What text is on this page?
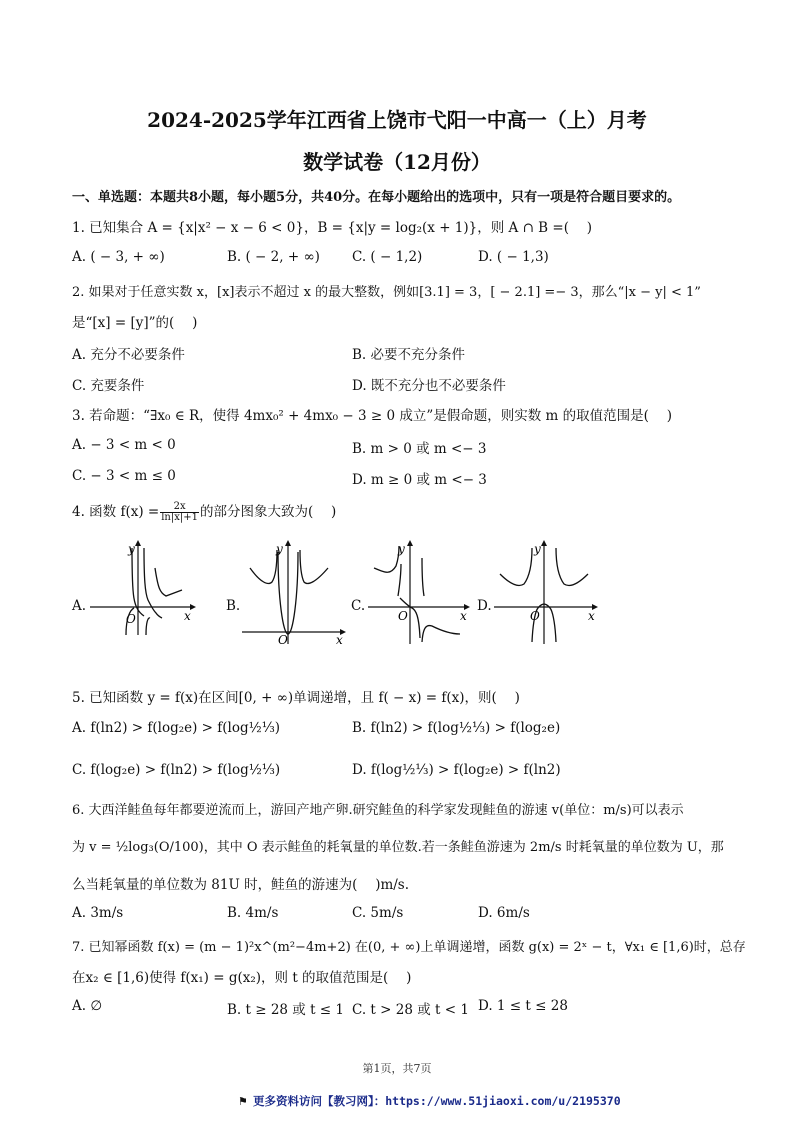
2024-2025学年江西省上饶市弋阳一中高一（上）月考
数学试卷（12月份）
一、单选题：本题共8小题，每小题5分，共40分。在每小题给出的选项中，只有一项是符合题目要求的。
1. 已知集合 A = {x|x² − x − 6 < 0}，B = {x|y = log₂(x + 1)}，则 A ∩ B =(　 )
A. ( − 3, + ∞)	B. ( − 2, + ∞) C. ( − 1,2)	D. ( − 1,3)
2. 如果对于任意实数 x，[x]表示不超过 x 的最大整数，例如[3.1] = 3，[ − 2.1] =− 3，那么“|x − y| < 1”
是“[x] = [y]”的(　 )
A. 充分不必要条件	B. 必要不充分条件
C. 充要条件	D. 既不充分也不必要条件
3. 若命题：“∃x₀ ∈ R，使得 4mx₀² + 4mx₀ − 3 ≥ 0 成立”是假命题，则实数 m 的取值范围是(　 )
A. − 3 < m < 0	B. m > 0 或 m <− 3
C. − 3 < m ≤ 0	D. m ≥ 0 或 m <− 3
4. 函数 $f(x) = \frac{2x}{\ln|x|+1}$ 的部分图象大致为(　 )
A.	B.	C.	D.
y
x
O
y
x
O
y
x
O
y
x
O
5. 已知函数 y = f(x)在区间[0, + ∞)单调递增，且 f( − x) = f(x)，则(　 )
A. f(ln2) > f(log₂e) > f(log½⅓)	B. f(ln2) > f(log½⅓) > f(log₂e)
C. f(log₂e) > f(ln2) > f(log½⅓)	D. f(log½⅓) > f(log₂e) > f(ln2)
6. 大西洋鲑鱼每年都要逆流而上，游回产地产卵.研究鲑鱼的科学家发现鲑鱼的游速 v(单位：m/s)可以表示
为 v = ½log₃(O/100)，其中 O 表示鲑鱼的耗氧量的单位数.若一条鲑鱼游速为 2m/s 时耗氧量的单位数为 U，那
么当耗氧量的单位数为 81U 时，鲑鱼的游速为(　 )m/s.
A. 3m/s	B. 4m/s	C. 5m/s	D. 6m/s
7. 已知幂函数 f(x) = (m − 1)²x^(m²−4m+2) 在(0, + ∞)上单调递增，函数 g(x) = 2ˣ − t，∀x₁ ∈ [1,6)时，总存
在x₂ ∈ [1,6)使得 f(x₁) = g(x₂)，则 t 的取值范围是(　 )
A. ∅	B. t ≥ 28 或 t ≤ 1 C. t > 28 或 t < 1 D. 1 ≤ t ≤ 28
第1页，共7页
⚑ 更多资料访问【教习网】：https://www.51jiaoxi.com/u/2195370
